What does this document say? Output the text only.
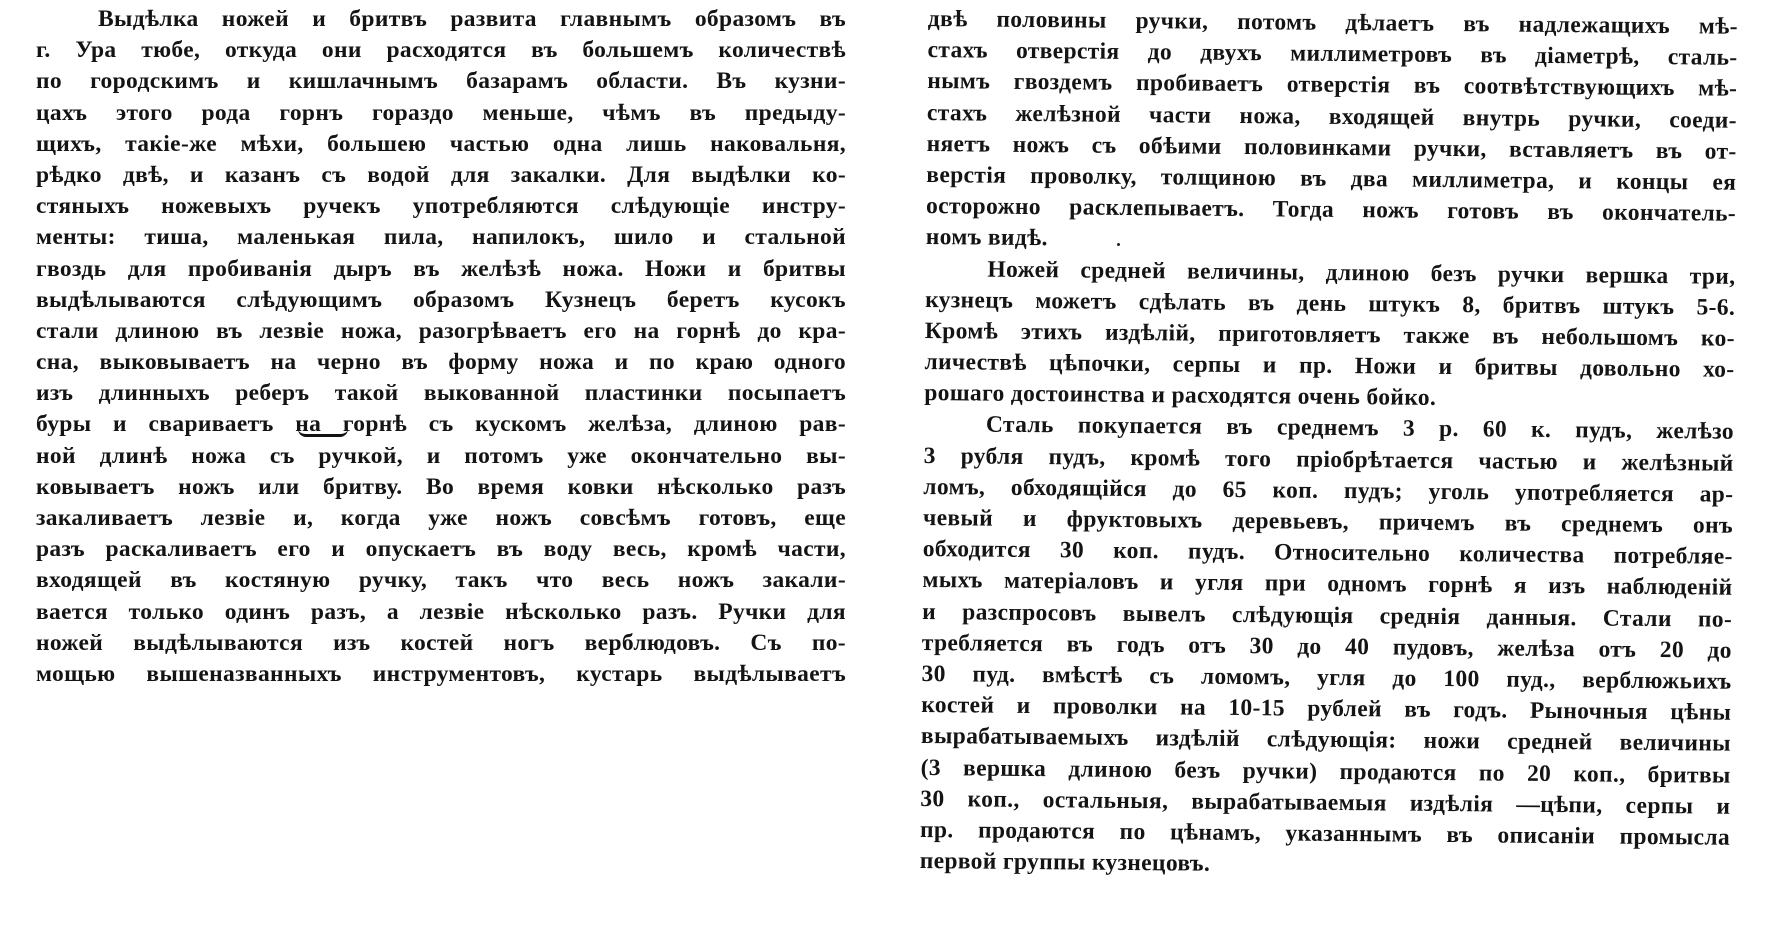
Выдѣлка ножей и бритвъ развита главнымъ образомъ въ
г. Ура тюбе, откуда они расходятся въ большемъ количествѣ
по городскимъ и кишлачнымъ базарамъ области. Въ кузни-
цахъ этого рода горнъ гораздо меньше, чѣмъ въ предыду-
щихъ, такіе-же мѣхи, большею частью одна лишь наковальня,
рѣдко двѣ, и казанъ съ водой для закалки. Для выдѣлки ко-
стяныхъ ножевыхъ ручекъ употребляются слѣдующіе инстру-
менты: тиша, маленькая пила, напилокъ, шило и стальной
гвоздь для пробиванія дыръ въ желѣзѣ ножа. Ножи и бритвы
выдѣлываются слѣдующимъ образомъ Кузнецъ беретъ кусокъ
стали длиною въ лезвіе ножа, разогрѣваетъ его на горнѣ до кра-
сна, выковываетъ на черно въ форму ножа и по краю одного
изъ длинныхъ реберъ такой выкованной пластинки посыпаетъ
буры и свариваетъ на горнѣ съ кускомъ желѣза, длиною рав-
ной длинѣ ножа съ ручкой, и потомъ уже окончательно вы-
ковываетъ ножъ или бритву. Во время ковки нѣсколько разъ
закаливаетъ лезвіе и, когда уже ножъ совсѣмъ готовъ, еще
разъ раскаливаетъ его и опускаетъ въ воду весь, кромѣ части,
входящей въ костяную ручку, такъ что весь ножъ закали-
вается только одинъ разъ, а лезвіе нѣсколько разъ. Ручки для
ножей выдѣлываются изъ костей ногъ верблюдовъ. Съ по-
мощью вышеназванныхъ инструментовъ, кустарь выдѣлываетъ
двѣ половины ручки, потомъ дѣлаетъ въ надлежащихъ мѣ-
стахъ отверстія до двухъ миллиметровъ въ діаметрѣ, сталь-
нымъ гвоздемъ пробиваетъ отверстія въ соотвѣтствующихъ мѣ-
стахъ желѣзной части ножа, входящей внутрь ручки, соеди-
няетъ ножъ съ обѣими половинками ручки, вставляетъ въ от-
верстія проволку, толщиною въ два миллиметра, и концы ея
осторожно расклепываетъ. Тогда ножъ готовъ въ окончатель-
номъ видѣ.
Ножей средней величины, длиною безъ ручки вершка три,
кузнецъ можетъ сдѣлать въ день штукъ 8, бритвъ штукъ 5-6.
Кромѣ этихъ издѣлій, приготовляетъ также въ небольшомъ ко-
личествѣ цѣпочки, серпы и пр. Ножи и бритвы довольно хо-
рошаго достоинства и расходятся очень бойко.
Сталь покупается въ среднемъ 3 р. 60 к. пудъ, желѣзо
3 рубля пудъ, кромѣ того пріобрѣтается частью и желѣзный
ломъ, обходящійся до 65 коп. пудъ; уголь употребляется ар-
чевый и фруктовыхъ деревьевъ, причемъ въ среднемъ онъ
обходится 30 коп. пудъ. Относительно количества потребляе-
мыхъ матеріаловъ и угля при одномъ горнѣ я изъ наблюденій
и разспросовъ вывелъ слѣдующія среднія данныя. Стали по-
требляется въ годъ отъ 30 до 40 пудовъ, желѣза отъ 20 до
30 пуд. вмѣстѣ съ ломомъ, угля до 100 пуд., верблюжьихъ
костей и проволки на 10-15 рублей въ годъ. Рыночныя цѣны
вырабатываемыхъ издѣлій слѣдующія: ножи средней величины
(3 вершка длиною безъ ручки) продаются по 20 коп., бритвы
30 коп., остальныя, вырабатываемыя издѣлія —цѣпи, серпы и
пр. продаются по цѣнамъ, указаннымъ въ описаніи промысла
первой группы кузнецовъ.
